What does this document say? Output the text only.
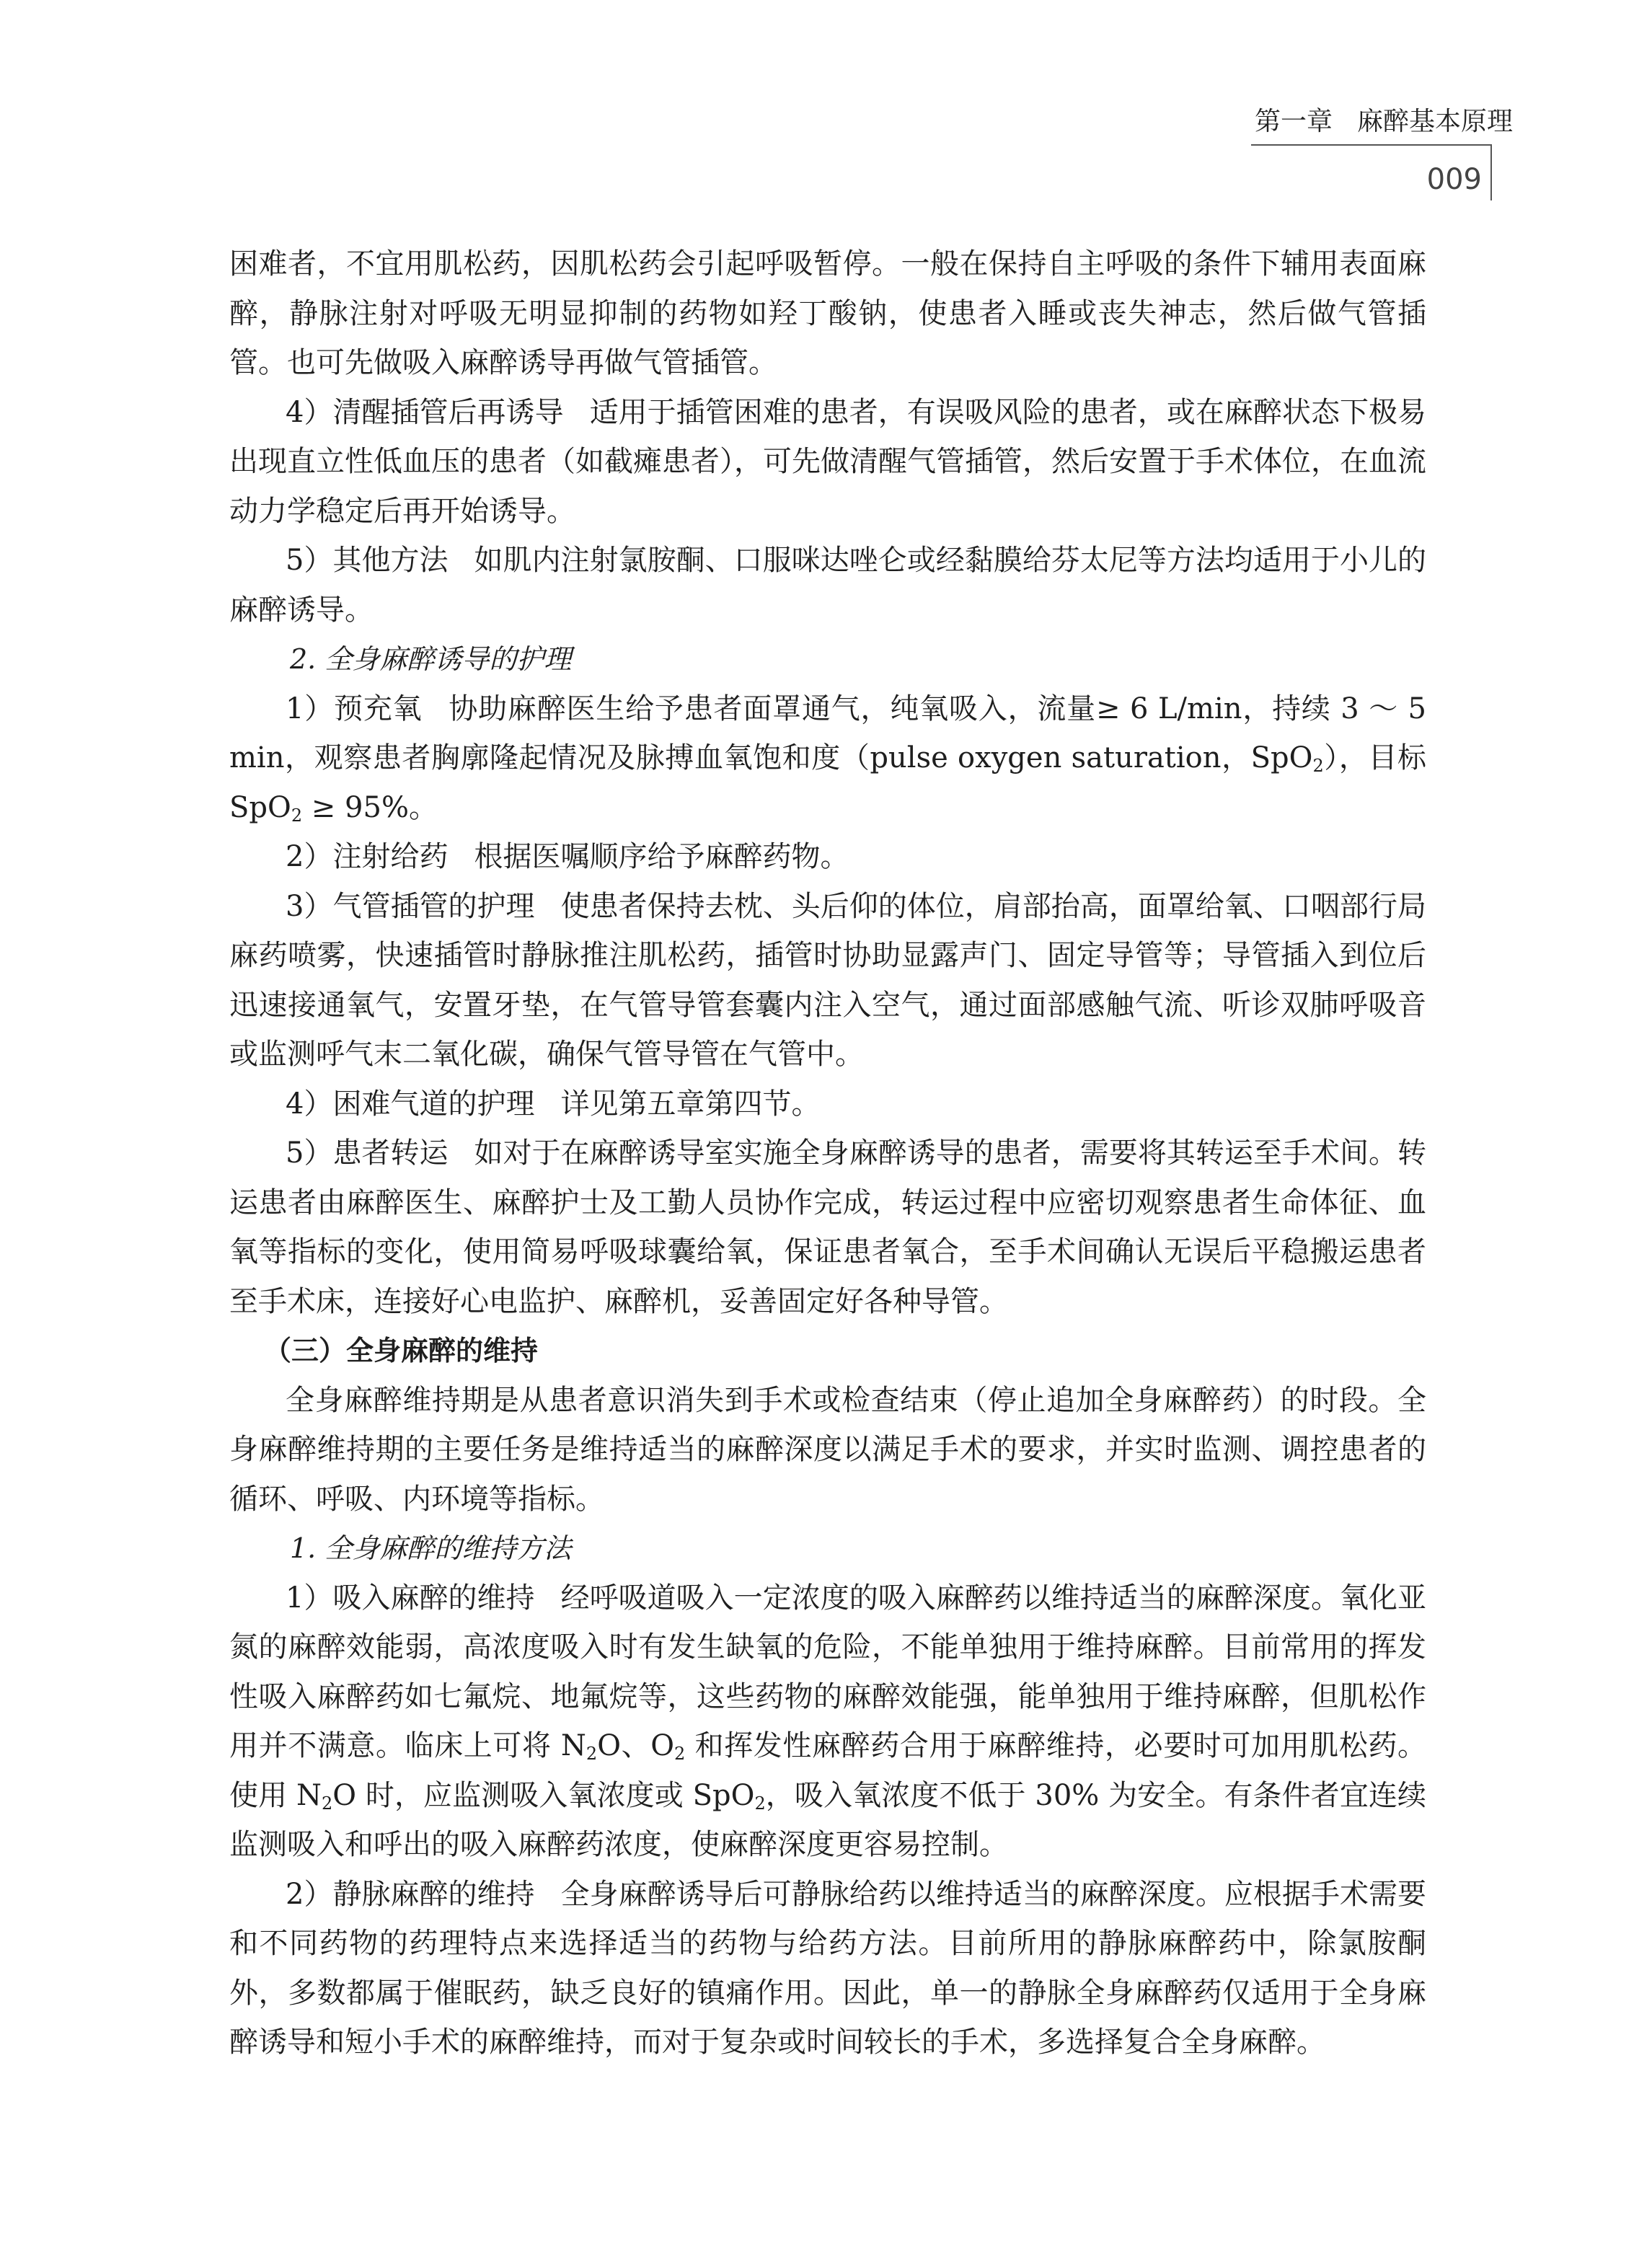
第一章 麻醉基本原理
009

困难者，不宜用肌松药，因肌松药会引起呼吸暂停。一般在保持自主呼吸的条件下辅用表面麻醉，静脉注射对呼吸无明显抑制的药物如羟丁酸钠，使患者入睡或丧失神志，然后做气管插管。也可先做吸入麻醉诱导再做气管插管。

4）清醒插管后再诱导 适用于插管困难的患者，有误吸风险的患者，或在麻醉状态下极易出现直立性低血压的患者（如截瘫患者），可先做清醒气管插管，然后安置于手术体位，在血流动力学稳定后再开始诱导。

5）其他方法 如肌内注射氯胺酮、口服咪达唑仑或经黏膜给芬太尼等方法均适用于小儿的麻醉诱导。

2. 全身麻醉诱导的护理

1）预充氧 协助麻醉医生给予患者面罩通气，纯氧吸入，流量≥ 6 L/min，持续 3 ～ 5 min，观察患者胸廓隆起情况及脉搏血氧饱和度（pulse oxygen saturation，SpO$_2$），目标 SpO$_2$ ≥ 95%。

2）注射给药 根据医嘱顺序给予麻醉药物。

3）气管插管的护理 使患者保持去枕、头后仰的体位，肩部抬高，面罩给氧、口咽部行局麻药喷雾，快速插管时静脉推注肌松药，插管时协助显露声门、固定导管等；导管插入到位后迅速接通氧气，安置牙垫，在气管导管套囊内注入空气，通过面部感触气流、听诊双肺呼吸音或监测呼气末二氧化碳，确保气管导管在气管中。

4）困难气道的护理 详见第五章第四节。

5）患者转运 如对于在麻醉诱导室实施全身麻醉诱导的患者，需要将其转运至手术间。转运患者由麻醉医生、麻醉护士及工勤人员协作完成，转运过程中应密切观察患者生命体征、血氧等指标的变化，使用简易呼吸球囊给氧，保证患者氧合，至手术间确认无误后平稳搬运患者至手术床，连接好心电监护、麻醉机，妥善固定好各种导管。

（三）全身麻醉的维持

全身麻醉维持期是从患者意识消失到手术或检查结束（停止追加全身麻醉药）的时段。全身麻醉维持期的主要任务是维持适当的麻醉深度以满足手术的要求，并实时监测、调控患者的循环、呼吸、内环境等指标。

1. 全身麻醉的维持方法

1）吸入麻醉的维持 经呼吸道吸入一定浓度的吸入麻醉药以维持适当的麻醉深度。氧化亚氮的麻醉效能弱，高浓度吸入时有发生缺氧的危险，不能单独用于维持麻醉。目前常用的挥发性吸入麻醉药如七氟烷、地氟烷等，这些药物的麻醉效能强，能单独用于维持麻醉，但肌松作用并不满意。临床上可将 $N_2O$、$O_2$ 和挥发性麻醉药合用于麻醉维持，必要时可加用肌松药。使用 $N_2O$ 时，应监测吸入氧浓度或 SpO$_2$，吸入氧浓度不低于 30% 为安全。有条件者宜连续监测吸入和呼出的吸入麻醉药浓度，使麻醉深度更容易控制。

2）静脉麻醉的维持 全身麻醉诱导后可静脉给药以维持适当的麻醉深度。应根据手术需要和不同药物的药理特点来选择适当的药物与给药方法。目前所用的静脉麻醉药中，除氯胺酮外，多数都属于催眠药，缺乏良好的镇痛作用。因此，单一的静脉全身麻醉药仅适用于全身麻醉诱导和短小手术的麻醉维持，而对于复杂或时间较长的手术，多选择复合全身麻醉。
